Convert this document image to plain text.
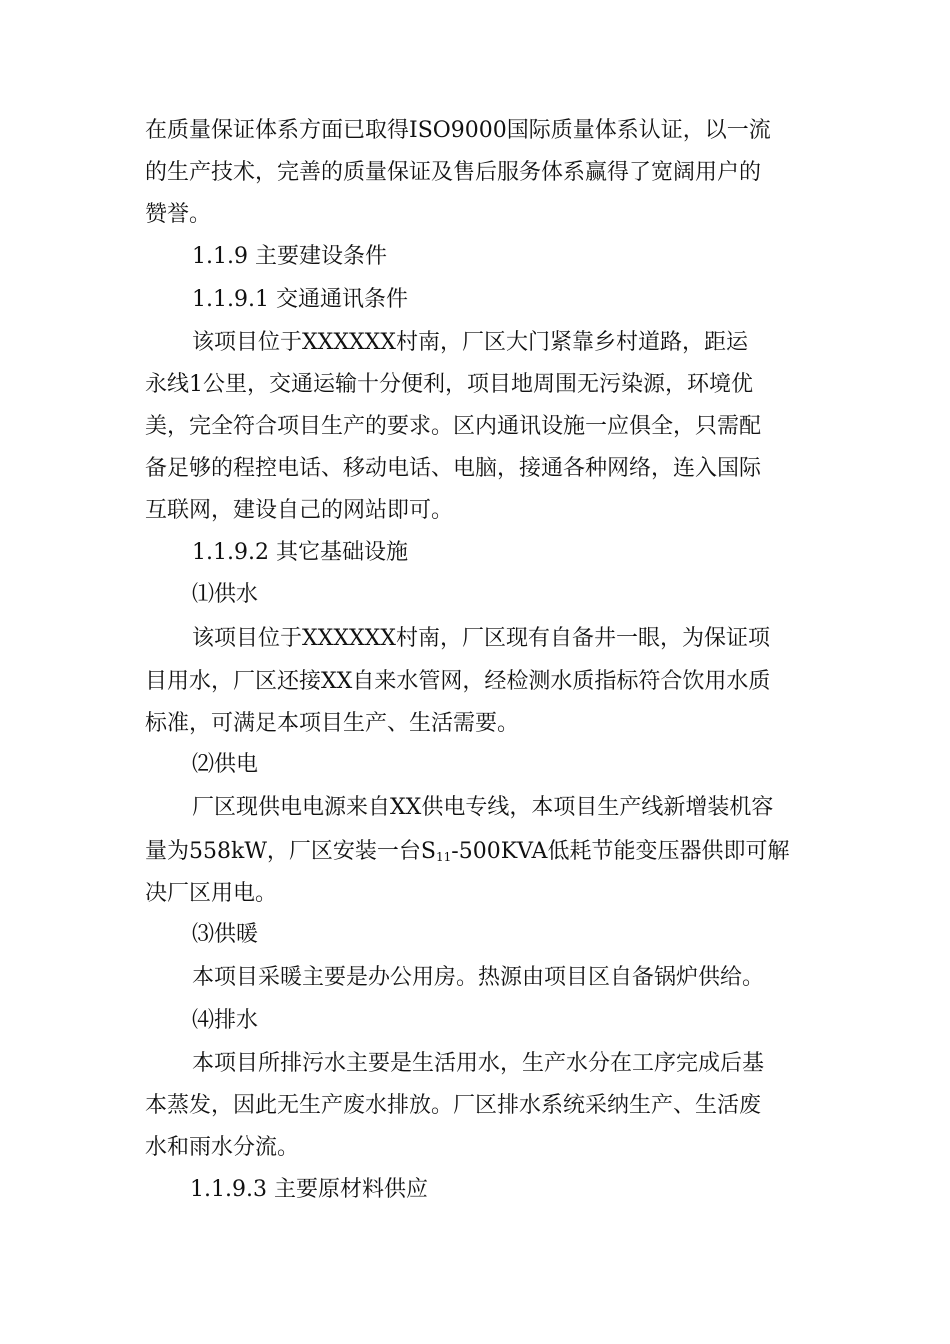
在质量保证体系方面已取得ISO9000国际质量体系认证，以一流
的生产技术，完善的质量保证及售后服务体系赢得了宽阔用户的
赞誉。
1.1.9 主要建设条件
1.1.9.1 交通通讯条件
该项目位于XXXXXX村南，厂区大门紧靠乡村道路，距运
永线1公里，交通运输十分便利，项目地周围无污染源，环境优
美，完全符合项目生产的要求。区内通讯设施一应俱全，只需配
备足够的程控电话、移动电话、电脑，接通各种网络，连入国际
互联网，建设自己的网站即可。
1.1.9.2 其它基础设施
⑴供水
该项目位于XXXXXX村南，厂区现有自备井一眼，为保证项
目用水，厂区还接XX自来水管网，经检测水质指标符合饮用水质
标准，可满足本项目生产、生活需要。
⑵供电
厂区现供电电源来自XX供电专线，本项目生产线新增装机容
量为558kW，厂区安装一台$S_{11}-500KVA$低耗节能变压器供即可解
决厂区用电。
⑶供暖
本项目采暖主要是办公用房。热源由项目区自备锅炉供给。
⑷排水
本项目所排污水主要是生活用水，生产水分在工序完成后基
本蒸发，因此无生产废水排放。厂区排水系统采纳生产、生活废
水和雨水分流。
1.1.9.3 主要原材料供应
